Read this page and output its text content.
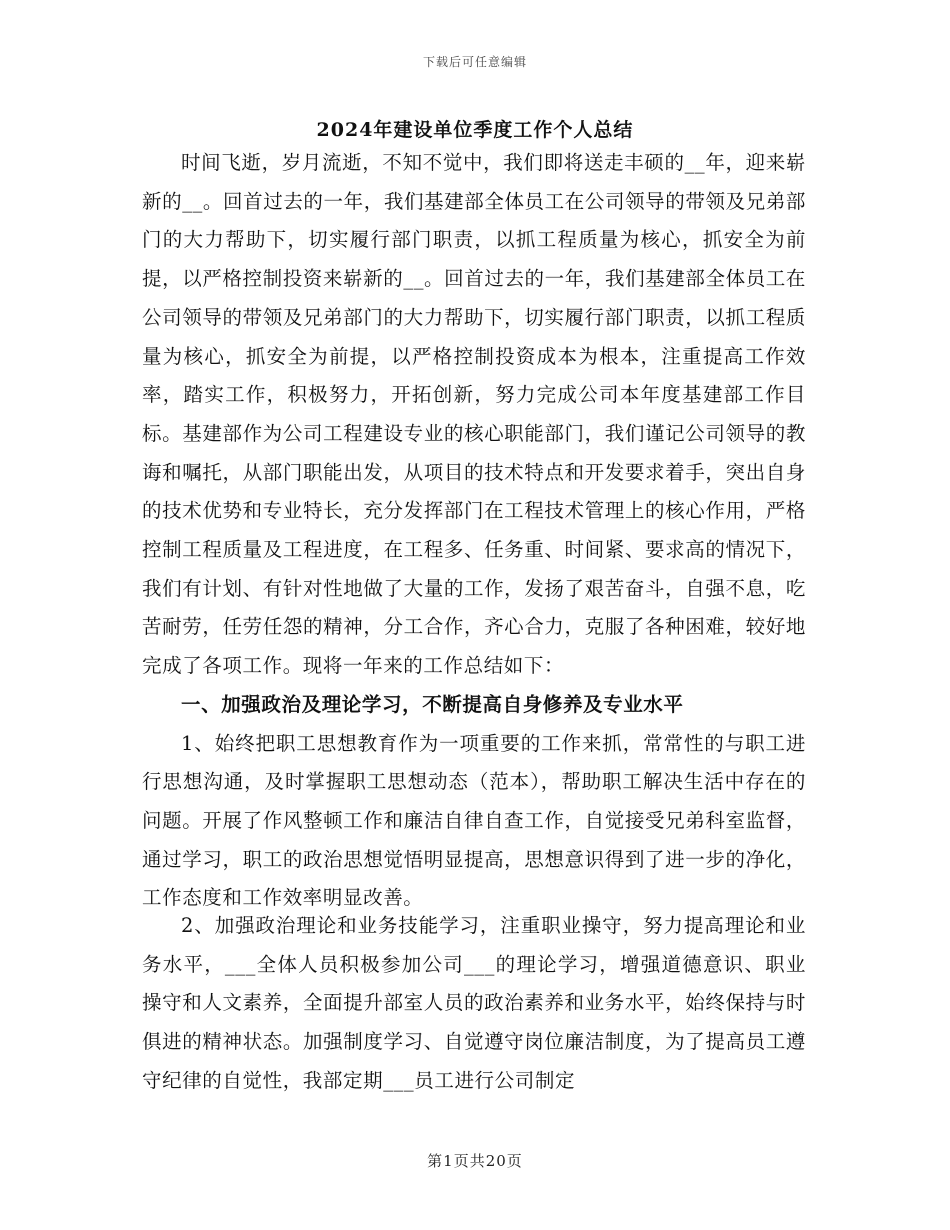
下载后可任意编辑
2024年建设单位季度工作个人总结

时间飞逝，岁月流逝，不知不觉中，我们即将送走丰硕的__年，迎来崭新的__。回首过去的一年，我们基建部全体员工在公司领导的带领及兄弟部门的大力帮助下，切实履行部门职责，以抓工程质量为核心，抓安全为前提，以严格控制投资来崭新的__。回首过去的一年，我们基建部全体员工在公司领导的带领及兄弟部门的大力帮助下，切实履行部门职责，以抓工程质量为核心，抓安全为前提，以严格控制投资成本为根本，注重提高工作效率，踏实工作，积极努力，开拓创新，努力完成公司本年度基建部工作目标。基建部作为公司工程建设专业的核心职能部门，我们谨记公司领导的教诲和嘱托，从部门职能出发，从项目的技术特点和开发要求着手，突出自身的技术优势和专业特长，充分发挥部门在工程技术管理上的核心作用，严格控制工程质量及工程进度，在工程多、任务重、时间紧、要求高的情况下，我们有计划、有针对性地做了大量的工作，发扬了艰苦奋斗，自强不息，吃苦耐劳，任劳任怨的精神，分工合作，齐心合力，克服了各种困难，较好地完成了各项工作。现将一年来的工作总结如下：

一、加强政治及理论学习，不断提高自身修养及专业水平

1、始终把职工思想教育作为一项重要的工作来抓，常常性的与职工进行思想沟通，及时掌握职工思想动态（范本），帮助职工解决生活中存在的问题。开展了作风整顿工作和廉洁自律自查工作，自觉接受兄弟科室监督，通过学习，职工的政治思想觉悟明显提高，思想意识得到了进一步的净化，工作态度和工作效率明显改善。

2、加强政治理论和业务技能学习，注重职业操守，努力提高理论和业务水平，___全体人员积极参加公司___的理论学习，增强道德意识、职业操守和人文素养，全面提升部室人员的政治素养和业务水平，始终保持与时俱进的精神状态。加强制度学习、自觉遵守岗位廉洁制度，为了提高员工遵守纪律的自觉性，我部定期___员工进行公司制定

第1页共20页
